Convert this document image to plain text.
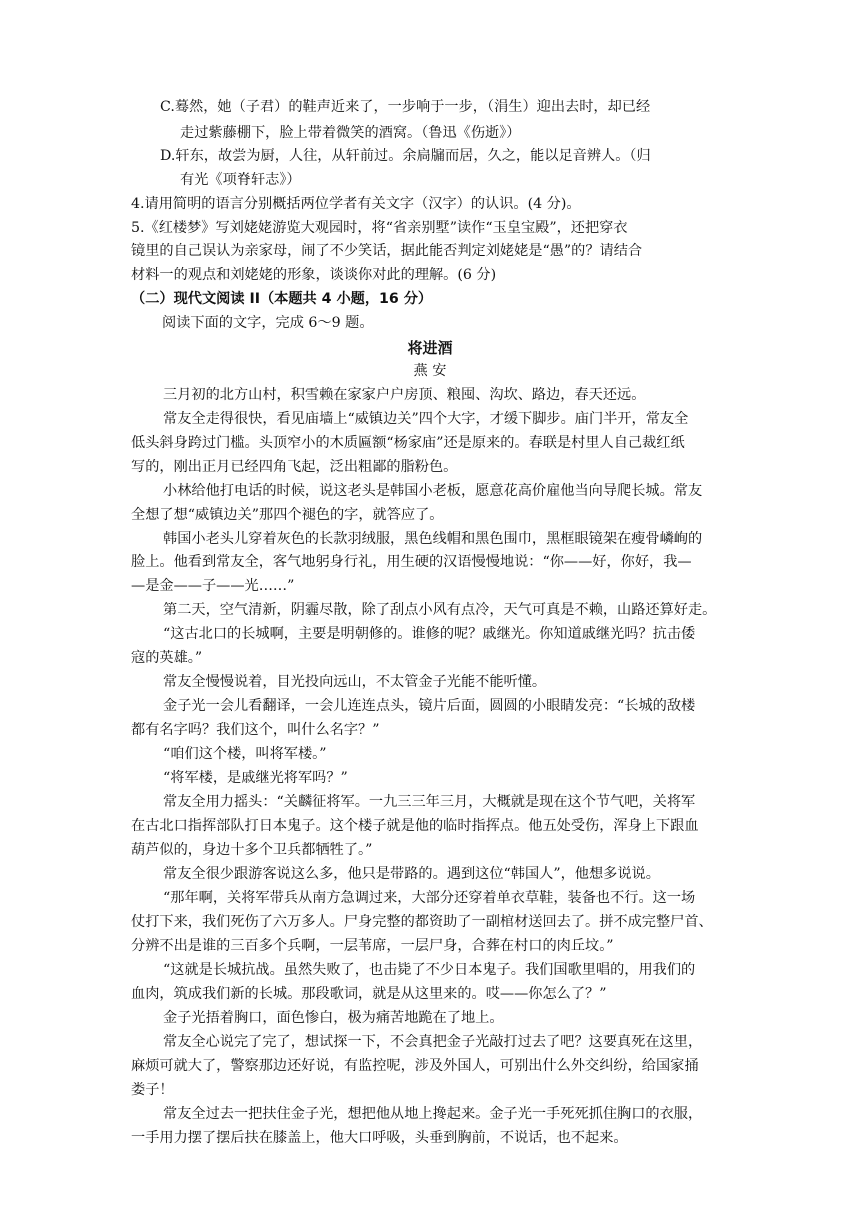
C.蓦然，她（子君）的鞋声近来了，一步响于一步，（涓生）迎出去时，却已经
走过紫藤棚下，脸上带着微笑的酒窝。（鲁迅《伤逝》）
D.轩东，故尝为厨，人往，从轩前过。余扃牖而居，久之，能以足音辨人。（归
有光《项脊轩志》）
4.请用简明的语言分别概括两位学者有关文字（汉字）的认识。(4 分)。
5.《红楼梦》写刘姥姥游览大观园时，将“省亲别墅”读作“玉皇宝殿”，还把穿衣
镜里的自己误认为亲家母，闹了不少笑话，据此能否判定刘姥姥是“愚”的？请结合
材料一的观点和刘姥姥的形象，谈谈你对此的理解。(6 分)
（二）现代文阅读 II（本题共 4 小题，16 分）
阅读下面的文字，完成 6～9 题。
将进酒
燕 安
三月初的北方山村，积雪赖在家家户户房顶、粮囤、沟坎、路边，春天还远。
常友全走得很快，看见庙墙上“威镇边关”四个大字，才缓下脚步。庙门半开，常友全
低头斜身跨过门槛。头顶窄小的木质匾额“杨家庙”还是原来的。春联是村里人自己裁红纸
写的，刚出正月已经四角飞起，泛出粗鄙的脂粉色。
小林给他打电话的时候，说这老头是韩国小老板，愿意花高价雇他当向导爬长城。常友
全想了想“威镇边关”那四个褪色的字，就答应了。
韩国小老头儿穿着灰色的长款羽绒服，黑色线帽和黑色围巾，黑框眼镜架在瘦骨嶙峋的
脸上。他看到常友全，客气地躬身行礼，用生硬的汉语慢慢地说：“你——好，你好，我—
—是金——子——光……”
第二天，空气清新，阴霾尽散，除了刮点小风有点冷，天气可真是不赖，山路还算好走。
“这古北口的长城啊，主要是明朝修的。谁修的呢？戚继光。你知道戚继光吗？抗击倭
寇的英雄。”
常友全慢慢说着，目光投向远山，不太管金子光能不能听懂。
金子光一会儿看翻译，一会儿连连点头，镜片后面，圆圆的小眼睛发亮：“长城的敌楼
都有名字吗？我们这个，叫什么名字？”
“咱们这个楼，叫将军楼。”
“将军楼，是戚继光将军吗？”
常友全用力摇头：“关麟征将军。一九三三年三月，大概就是现在这个节气吧，关将军
在古北口指挥部队打日本鬼子。这个楼子就是他的临时指挥点。他五处受伤，浑身上下跟血
葫芦似的，身边十多个卫兵都牺牲了。”
常友全很少跟游客说这么多，他只是带路的。遇到这位“韩国人”，他想多说说。
“那年啊，关将军带兵从南方急调过来，大部分还穿着单衣草鞋，装备也不行。这一场
仗打下来，我们死伤了六万多人。尸身完整的都资助了一副棺材送回去了。拼不成完整尸首、
分辨不出是谁的三百多个兵啊，一层苇席，一层尸身，合葬在村口的肉丘坟。”
“这就是长城抗战。虽然失败了，也击毙了不少日本鬼子。我们国歌里唱的，用我们的
血肉，筑成我们新的长城。那段歌词，就是从这里来的。哎——你怎么了？”
金子光捂着胸口，面色惨白，极为痛苦地跪在了地上。
常友全心说完了完了，想试探一下，不会真把金子光敲打过去了吧？这要真死在这里，
麻烦可就大了，警察那边还好说，有监控呢，涉及外国人，可别出什么外交纠纷，给国家捅
娄子！
常友全过去一把扶住金子光，想把他从地上搀起来。金子光一手死死抓住胸口的衣服，
一手用力摆了摆后扶在膝盖上，他大口呼吸，头垂到胸前，不说话，也不起来。
